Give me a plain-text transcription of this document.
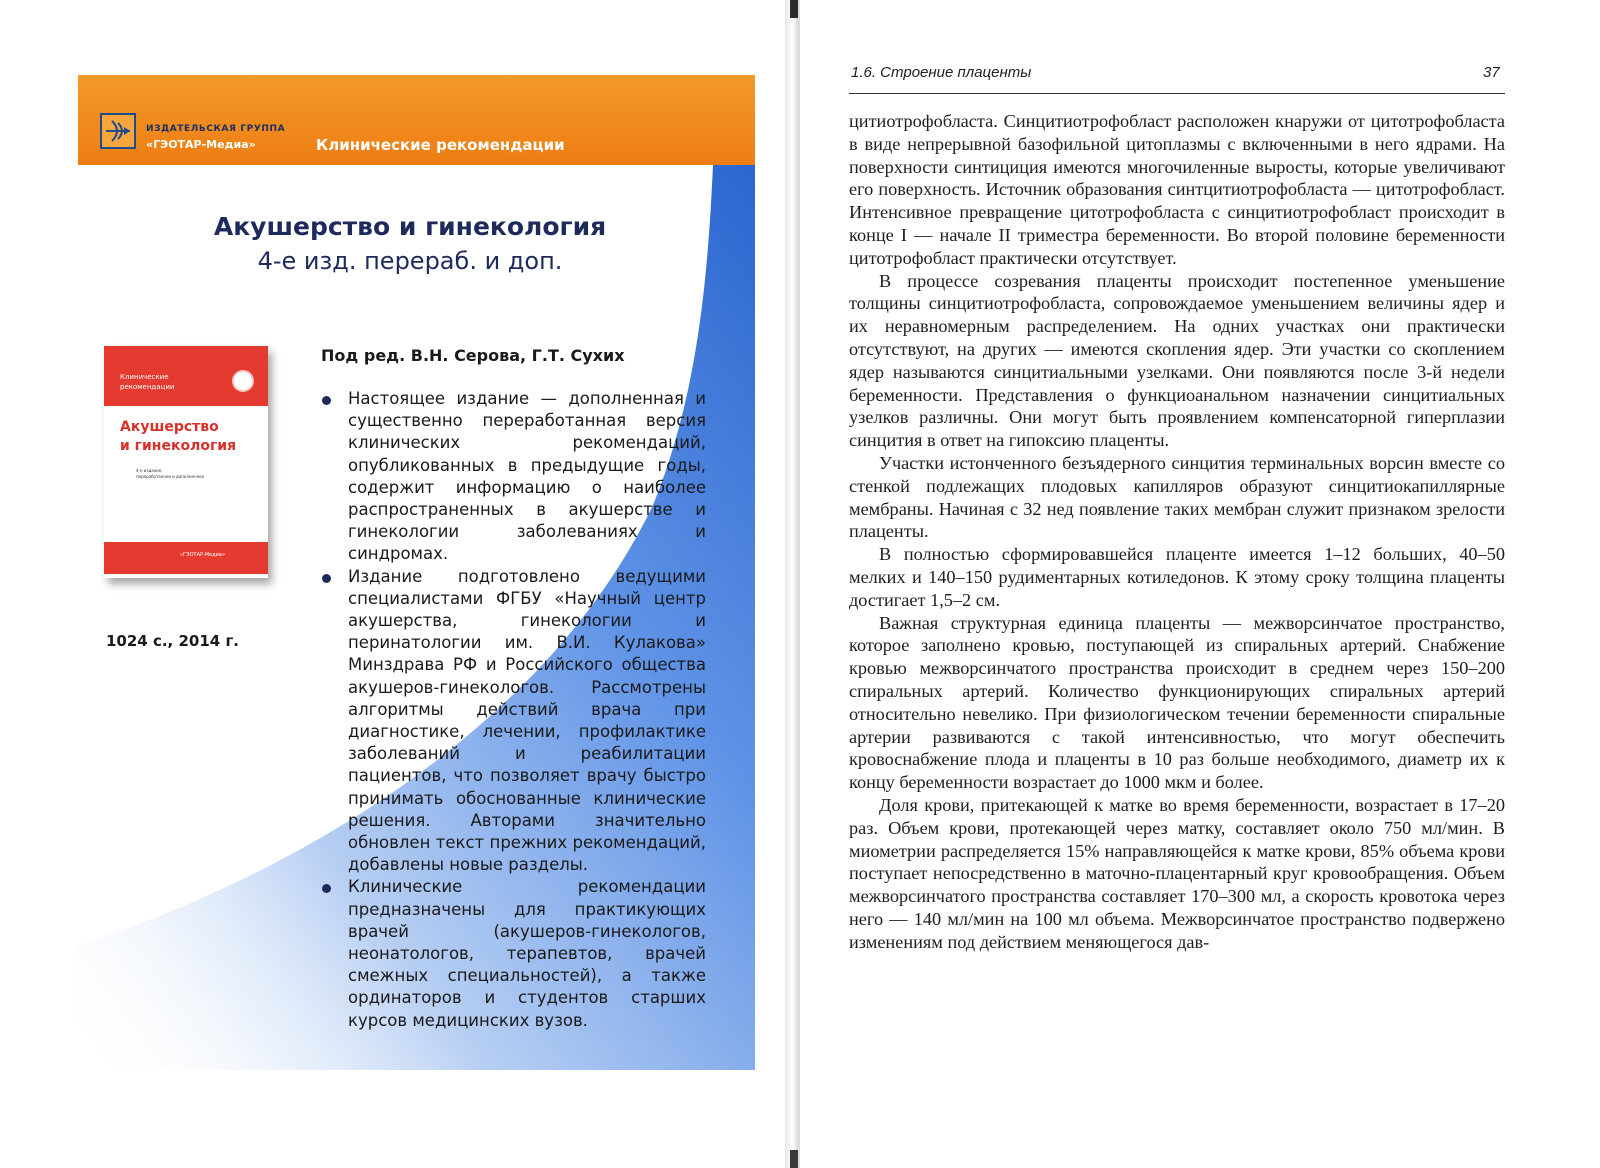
ИЗДАТЕЛЬСКАЯ ГРУППА
«ГЭОТАР-Медиа»	Клинические рекомендации
Акушерство и гинекология
4-е изд. перераб. и доп.
Клинические
рекомендации
Акушерство
и гинекология
4-е издание,
переработанное и дополненное
«ГЭОТАР-Медиа»
1024 с., 2014 г.
Под ред. В.Н. Серова, Г.Т. Сухих
Настоящее издание — дополненная и существенно переработанная версия клинических рекомендаций, опубликованных в предыдущие годы, содержит информацию о наиболее распространенных в акушерстве и гинекологии заболеваниях и синдромах.
Издание подготовлено ведущими специалистами ФГБУ «Научный центр акушерства, гинекологии и перинатологии им. В.И. Кулакова» Минздрава РФ и Российского общества акушеров-гинекологов. Рассмотрены алгоритмы действий врача при диагностике, лечении, профилактике заболеваний и реабилитации пациентов, что позволяет врачу быстро принимать обоснованные клинические решения. Авторами значительно обновлен текст прежних рекомендаций, добавлены новые разделы.
Клинические рекомендации предназначены для практикующих врачей (акушеров-гинекологов, неонатологов, терапевтов, врачей смежных специальностей), а также ординаторов и студентов старших курсов медицинских вузов.
1.6. Строение плаценты	37

цитиотрофобласта. Синцитиотрофобласт расположен кнаружи от цитотрофобласта в виде непрерывной базофильной цитоплазмы с включенными в него ядрами. На поверхности синтициция имеются многочиленные выросты, которые увеличивают его поверхность. Источник образования синтцитиотрофобласта — цитотрофобласт. Интенсивное превращение цитотрофобласта с синцитиотрофобласт происходит в конце I — начале II триместра беременности. Во второй половине беременности цитотрофобласт практически отсутствует.

В процессе созревания плаценты происходит постепенное уменьшение толщины синцитиотрофобласта, сопровождаемое уменьшением величины ядер и их неравномерным распределением. На одних участках они практически отсутствуют, на других — имеются скопления ядер. Эти участки со скоплением ядер называются синцитиальными узелками. Они появляются после 3-й недели беременности. Представления о функциоанальном назначении синцитиальных узелков различны. Они могут быть проявлением компенсаторной гиперплазии синцития в ответ на гипоксию плаценты.

Участки истонченного безъядерного синцития терминальных ворсин вместе со стенкой подлежащих плодовых капилляров образуют синцитиокапиллярные мембраны. Начиная с 32 нед появление таких мембран служит признаком зрелости плаценты.

В полностью сформировавшейся плаценте имеется 1–12 больших, 40–50 мелких и 140–150 рудиментарных котиледонов. К этому сроку толщина плаценты достигает 1,5–2 см.

Важная структурная единица плаценты — межворсинчатое пространство, которое заполнено кровью, поступающей из спиральных артерий. Снабжение кровью межворсинчатого пространства происходит в среднем через 150–200 спиральных артерий. Количество функционирующих спиральных артерий относительно невелико. При физиологическом течении беременности спиральные артерии развиваются с такой интенсивностью, что могут обеспечить кровоснабжение плода и плаценты в 10 раз больше необходимого, диаметр их к концу беременности возрастает до 1000 мкм и более.

Доля крови, притекающей к матке во время беременности, возрастает в 17–20 раз. Объем крови, протекающей через матку, составляет около 750 мл/мин. В миометрии распределяется 15% направляющейся к матке крови, 85% объема крови поступает непосредственно в маточно-плацентарный круг кровообращения. Объем межворсинчатого пространства составляет 170–300 мл, а скорость кровотока через него — 140 мл/мин на 100 мл объема. Межворсинчатое пространство подвержено изменениям под действием меняющегося дав-
